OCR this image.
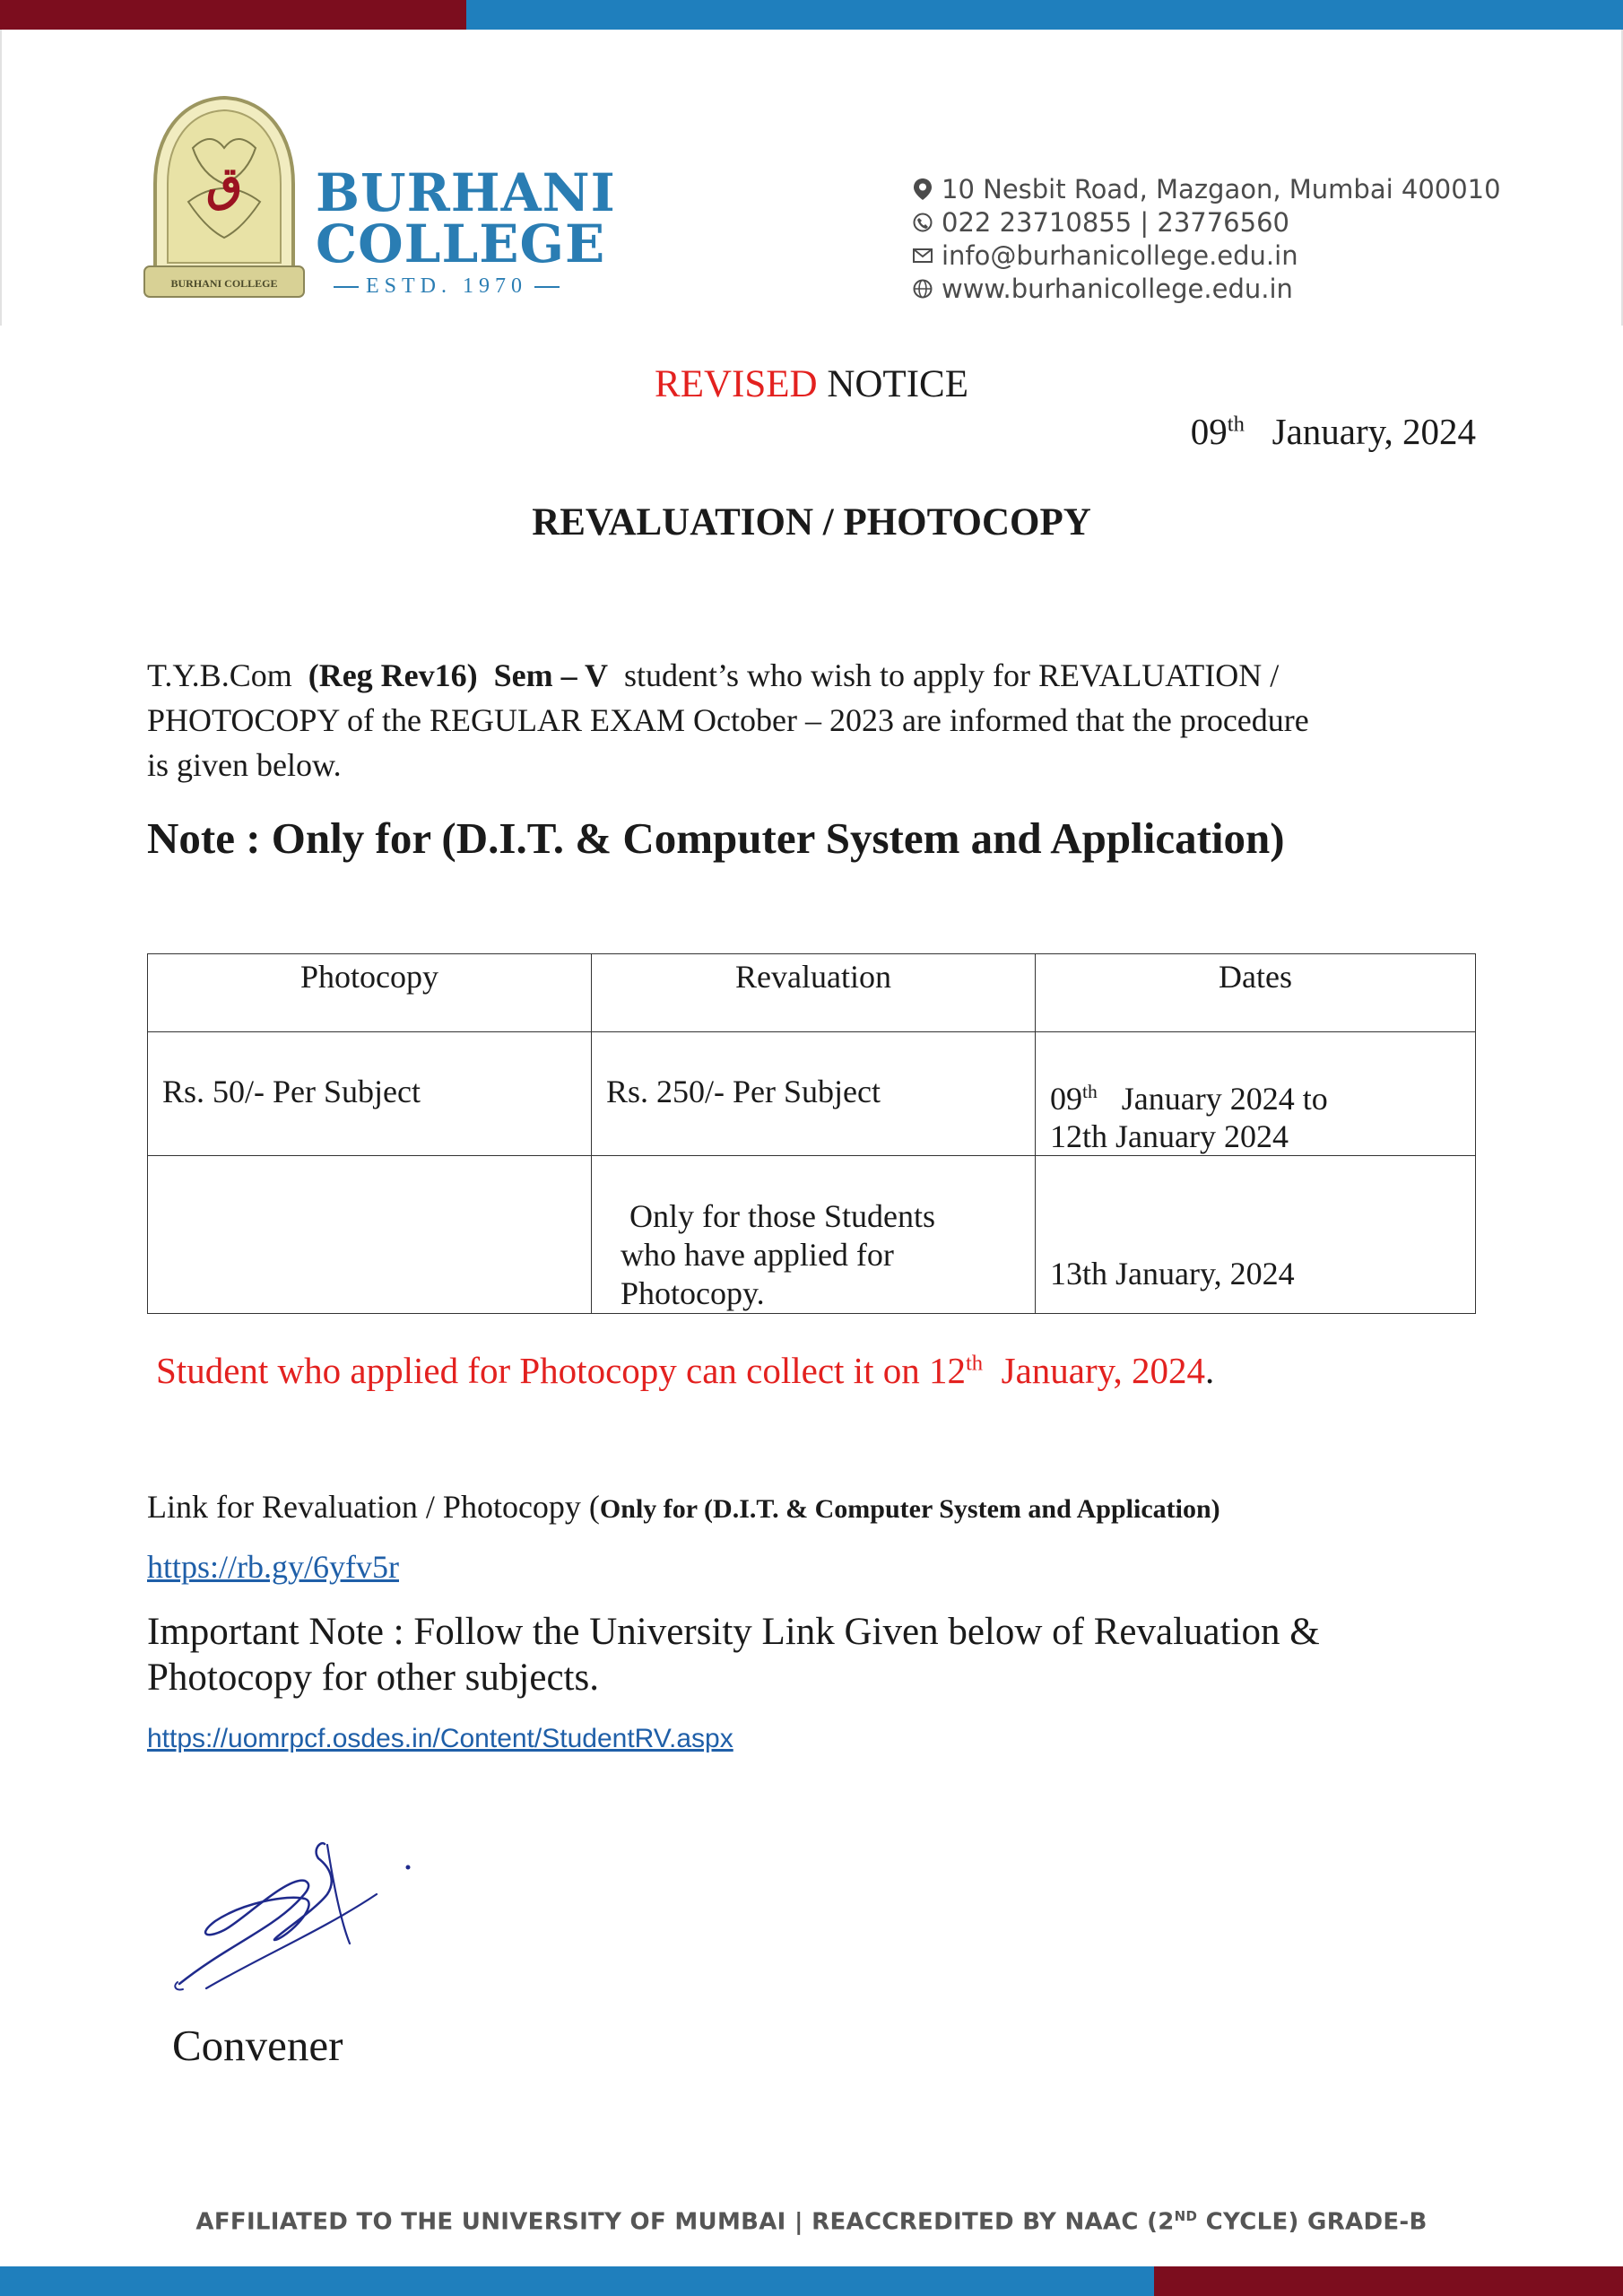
ق
BURHANI COLLEGE
BURHANI
COLLEGE
ESTD. 1970
10 Nesbit Road, Mazgaon, Mumbai 400010
022 23710855 | 23776560
info@burhanicollege.edu.in
www.burhanicollege.edu.in
REVISED NOTICE
09th January, 2024
REVALUATION / PHOTOCOPY
T.Y.B.Com (Reg Rev16) Sem – V student’s who wish to apply for REVALUATION /
PHOTOCOPY of the REGULAR EXAM October – 2023 are informed that the procedure
is given below.
Note : Only for (D.I.T. & Computer System and Application)
Photocopy	Revaluation	Dates
Rs. 50/- Per Subject	Rs. 250/- Per Subject	09th January 2024 to
12th January 2024

	Only for those Students
who have applied for
Photocopy.	13th January, 2024
Student who applied for Photocopy can collect it on 12th January, 2024.
Link for Revaluation / Photocopy (Only for (D.I.T. & Computer System and Application)
https://rb.gy/6yfv5r
Important Note : Follow the University Link Given below of Revaluation &
Photocopy for other subjects.
https://uomrpcf.osdes.in/Content/StudentRV.aspx
Convener
AFFILIATED TO THE UNIVERSITY OF MUMBAI | REACCREDITED BY NAAC (2ND CYCLE) GRADE-B
